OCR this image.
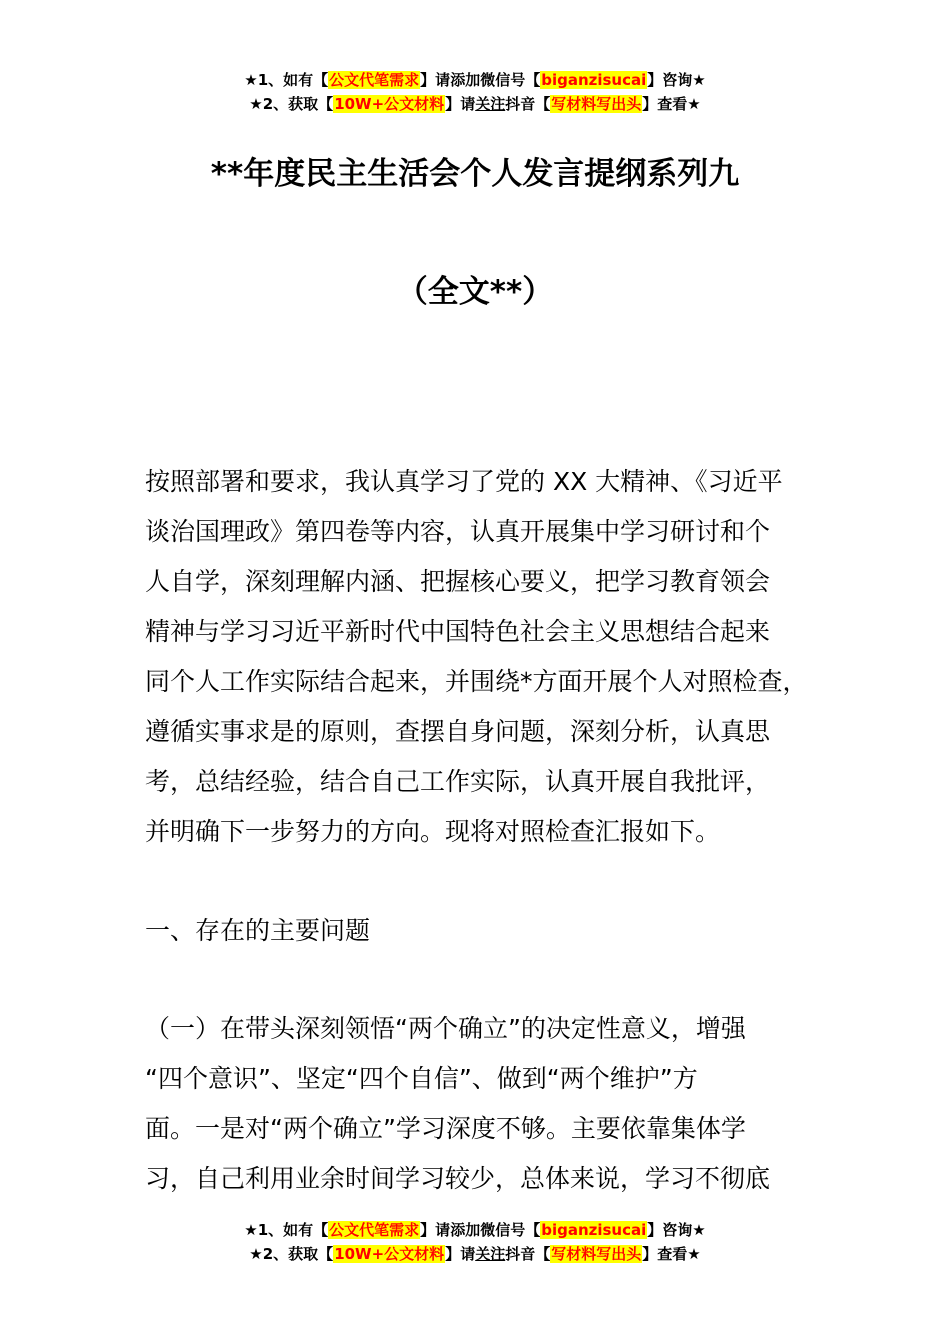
★1、如有【公文代笔需求】请添加微信号【biganzisucai】咨询★
★2、获取【10W+公文材料】请关注抖音【写材料写出头】查看★
**年度民主生活会个人发言提纲系列九
（全文**）
按照部署和要求，我认真学习了党的 XX 大精神、《习近平
谈治国理政》第四卷等内容，认真开展集中学习研讨和个
人自学，深刻理解内涵、把握核心要义，把学习教育领会
精神与学习习近平新时代中国特色社会主义思想结合起来
同个人工作实际结合起来，并围绕*方面开展个人对照检查，
遵循实事求是的原则，查摆自身问题，深刻分析，认真思
考，总结经验，结合自己工作实际，认真开展自我批评，
并明确下一步努力的方向。现将对照检查汇报如下。
一、存在的主要问题
（一）在带头深刻领悟“两个确立”的决定性意义，增强
“四个意识”、坚定“四个自信”、做到“两个维护”方
面。一是对“两个确立”学习深度不够。主要依靠集体学
习，自己利用业余时间学习较少，总体来说，学习不彻底
★1、如有【公文代笔需求】请添加微信号【biganzisucai】咨询★
★2、获取【10W+公文材料】请关注抖音【写材料写出头】查看★
